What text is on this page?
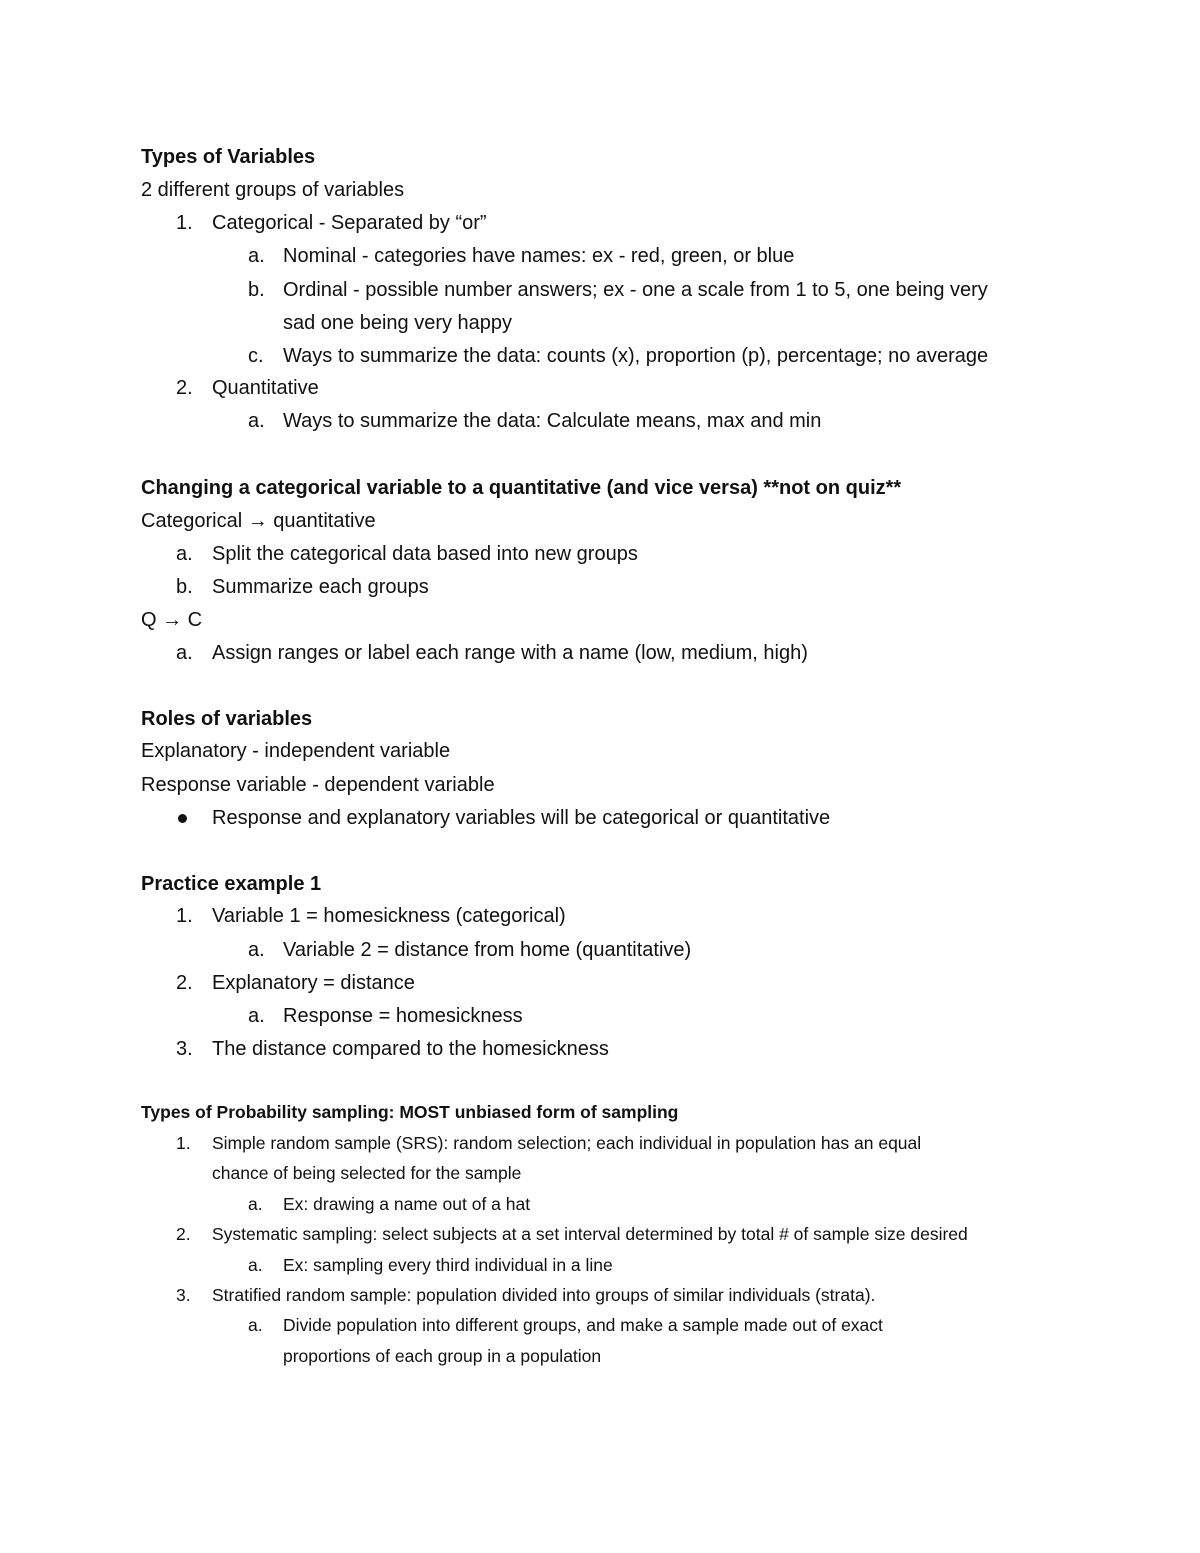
Types of Variables
2 different groups of variables
1. Categorical - Separated by “or”
a. Nominal - categories have names: ex - red, green, or blue
b. Ordinal - possible number answers; ex - one a scale from 1 to 5, one being very
sad one being very happy
c. Ways to summarize the data: counts (x), proportion (p), percentage; no average
2. Quantitative
a. Ways to summarize the data: Calculate means, max and min
Changing a categorical variable to a quantitative (and vice versa) **not on quiz**
Categorical → quantitative
a. Split the categorical data based into new groups
b. Summarize each groups
Q → C
a. Assign ranges or label each range with a name (low, medium, high)
Roles of variables
Explanatory - independent variable
Response variable - dependent variable
Response and explanatory variables will be categorical or quantitative
Practice example 1
1. Variable 1 = homesickness (categorical)
a. Variable 2 = distance from home (quantitative)
2. Explanatory = distance
a. Response = homesickness
3. The distance compared to the homesickness
Types of Probability sampling: MOST unbiased form of sampling
1. Simple random sample (SRS): random selection; each individual in population has an equal
chance of being selected for the sample
a. Ex: drawing a name out of a hat
2. Systematic sampling: select subjects at a set interval determined by total # of sample size desired
a. Ex: sampling every third individual in a line
3. Stratified random sample: population divided into groups of similar individuals (strata).
a. Divide population into different groups, and make a sample made out of exact
proportions of each group in a population
